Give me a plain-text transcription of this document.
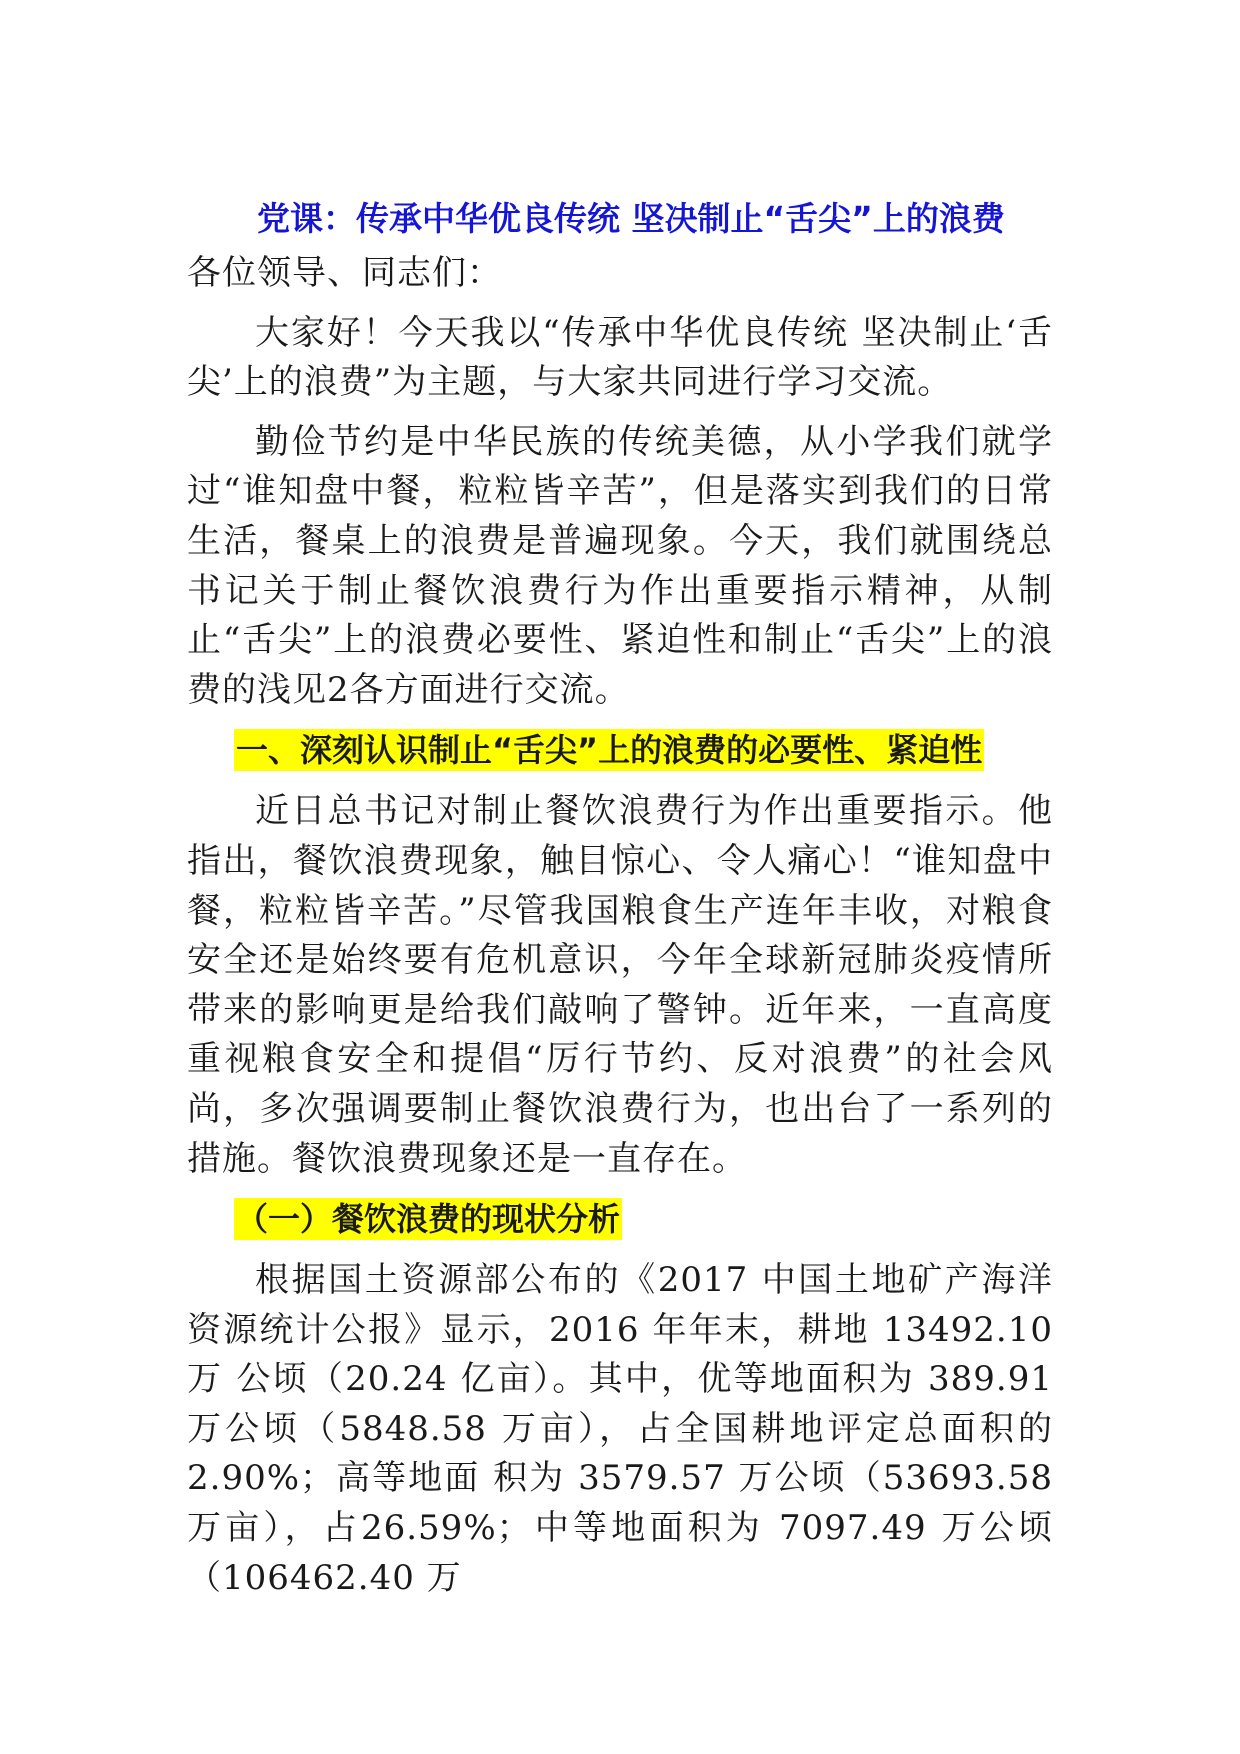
党课：传承中华优良传统 坚决制止“舌尖”上的浪费

各位领导、同志们：

大家好！今天我以“传承中华优良传统 坚决制止‘舌尖’上的浪费”为主题，与大家共同进行学习交流。

勤俭节约是中华民族的传统美德，从小学我们就学过“谁知盘中餐，粒粒皆辛苦”，但是落实到我们的日常生活，餐桌上的浪费是普遍现象。今天，我们就围绕总书记关于制止餐饮浪费行为作出重要指示精神，从制止“舌尖”上的浪费必要性、紧迫性和制止“舌尖”上的浪费的浅见2各方面进行交流。

一、深刻认识制止“舌尖”上的浪费的必要性、紧迫性

近日总书记对制止餐饮浪费行为作出重要指示。他指出，餐饮浪费现象，触目惊心、令人痛心！“谁知盘中餐，粒粒皆辛苦。”尽管我国粮食生产连年丰收，对粮食安全还是始终要有危机意识，今年全球新冠肺炎疫情所带来的影响更是给我们敲响了警钟。近年来，一直高度重视粮食安全和提倡“厉行节约、反对浪费”的社会风尚，多次强调要制止餐饮浪费行为，也出台了一系列的措施。餐饮浪费现象还是一直存在。

（一）餐饮浪费的现状分析

根据国土资源部公布的《2017 中国土地矿产海洋资源统计公报》显示，2016 年年末，耕地 13492.10 万 公顷（20.24 亿亩）。其中，优等地面积为 389.91 万公顷（5848.58 万亩），占全国耕地评定总面积的 2.90%；高等地面 积为 3579.57 万公顷（53693.58 万亩），占26.59%；中等地面积为 7097.49 万公顷（106462.40 万
